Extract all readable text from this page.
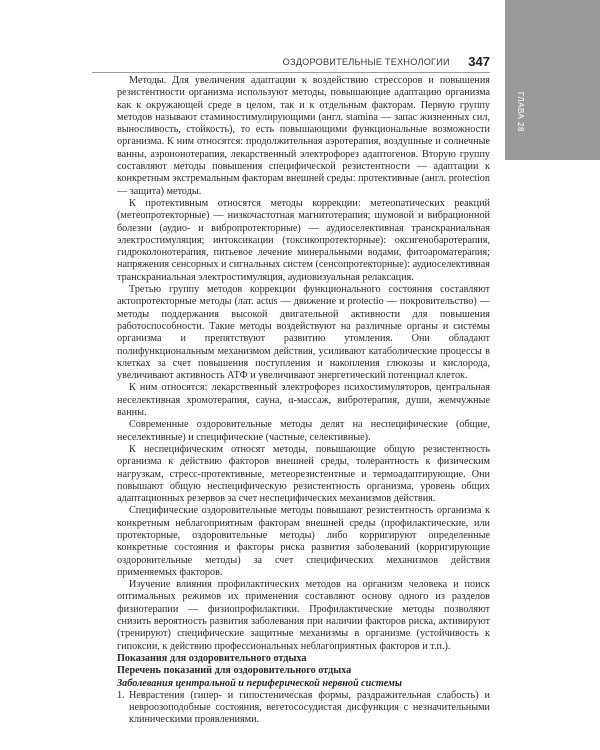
ГЛАВА 28
ОЗДОРОВИТЕЛЬНЫЕ ТЕХНОЛОГИИ 347

Методы. Для увеличения адаптации к воздействию стрессоров и повышения резистентности организма используют методы, повышающие адаптацию организма как к окружающей среде в целом, так и к отдельным факторам. Первую группу методов называют стаминостимулирующими (англ. stamina — запас жизненных сил, выносливость, стойкость), то есть повышающими функциональные возможности организма. К ним относятся: продолжительная аэротерапия, воздушные и солнечные ванны, аэроионотерапия, лекарственный электрофорез адаптогенов. Вторую группу составляют методы повышения специфической резистентности — адаптации к конкретным экстремальным факторам внешней среды: протективные (англ. protection — защита) методы.

К протективным относятся методы коррекции: метеопатических реакций (метеопротекторные) — низкочастотная магнитотерапия; шумовой и вибрационной болезни (аудио- и вибропротекторные) — аудиоселективная транскраниальная электростимуляция; интоксикации (токсикопротекторные): оксигенобаротерапия, гидроколонотерапия, питьевое лечение минеральными водами, фитоароматерапия; напряжения сенсорных и сигнальных систем (сенсопротекторные): аудиоселективная транскраниальная электростимуляция, аудиовизуальная релаксация.

Третью группу методов коррекции функционального состояния составляют актопротекторные методы (лат. actus — движение и protectio — покровительство) — методы поддержания высокой двигательной активности для повышения работоспособности. Такие методы воздействуют на различные органы и системы организма и препятствуют развитию утомления. Они обладают полифункциональным механизмом действия, усиливают катаболические процессы в клетках за счет повышения поступления и накопления глюкозы и кислорода, увеличивают активность АТФ и увеличивают энергетический потенциал клеток.

К ним относятся: лекарственный электрофорез психостимуляторов, центральная неселективная хромотерапия, сауна, α-массаж, вибротерапия, души, жемчужные ванны.

Современные оздоровительные методы делят на неспецифические (общие, неселективные) и специфические (частные, селективные).

К неспецифическим относят методы, повышающие общую резистентность организма к действию факторов внешней среды, толерантность к физическим нагрузкам, стресс-протективные, метеорезистентные и термоадаптирующие. Они повышают общую неспецифическую резистентность организма, уровень общих адаптационных резервов за счет неспецифических механизмов действия.

Специфические оздоровительные методы повышают резистентность организма к конкретным неблагоприятным факторам внешней среды (профилактические, или протекторные, оздоровительные методы) либо корригируют определенные конкретные состояния и факторы риска развития заболеваний (корригирующие оздоровительные методы) за счет специфических механизмов действия применяемых факторов.

Изучение влияния профилактических методов на организм человека и поиск оптимальных режимов их применения составляют основу одного из разделов физиотерапии — физиопрофилактики. Профилактические методы позволяют снизить вероятность развития заболевания при наличии факторов риска, активируют (тренируют) специфические защитные механизмы в организме (устойчивость к гипоксии, к действию профессиональных неблагоприятных факторов и т.п.).

Показания для оздоровительного отдыха

Перечень показаний для оздоровительного отдыха

Заболевания центральной и периферической нервной системы

1. Неврастения (гипер- и гипостеническая формы, раздражительная слабость) и невроозоподобные состояния, вегетососудистая дисфункция с незначительными клиническими проявлениями.
